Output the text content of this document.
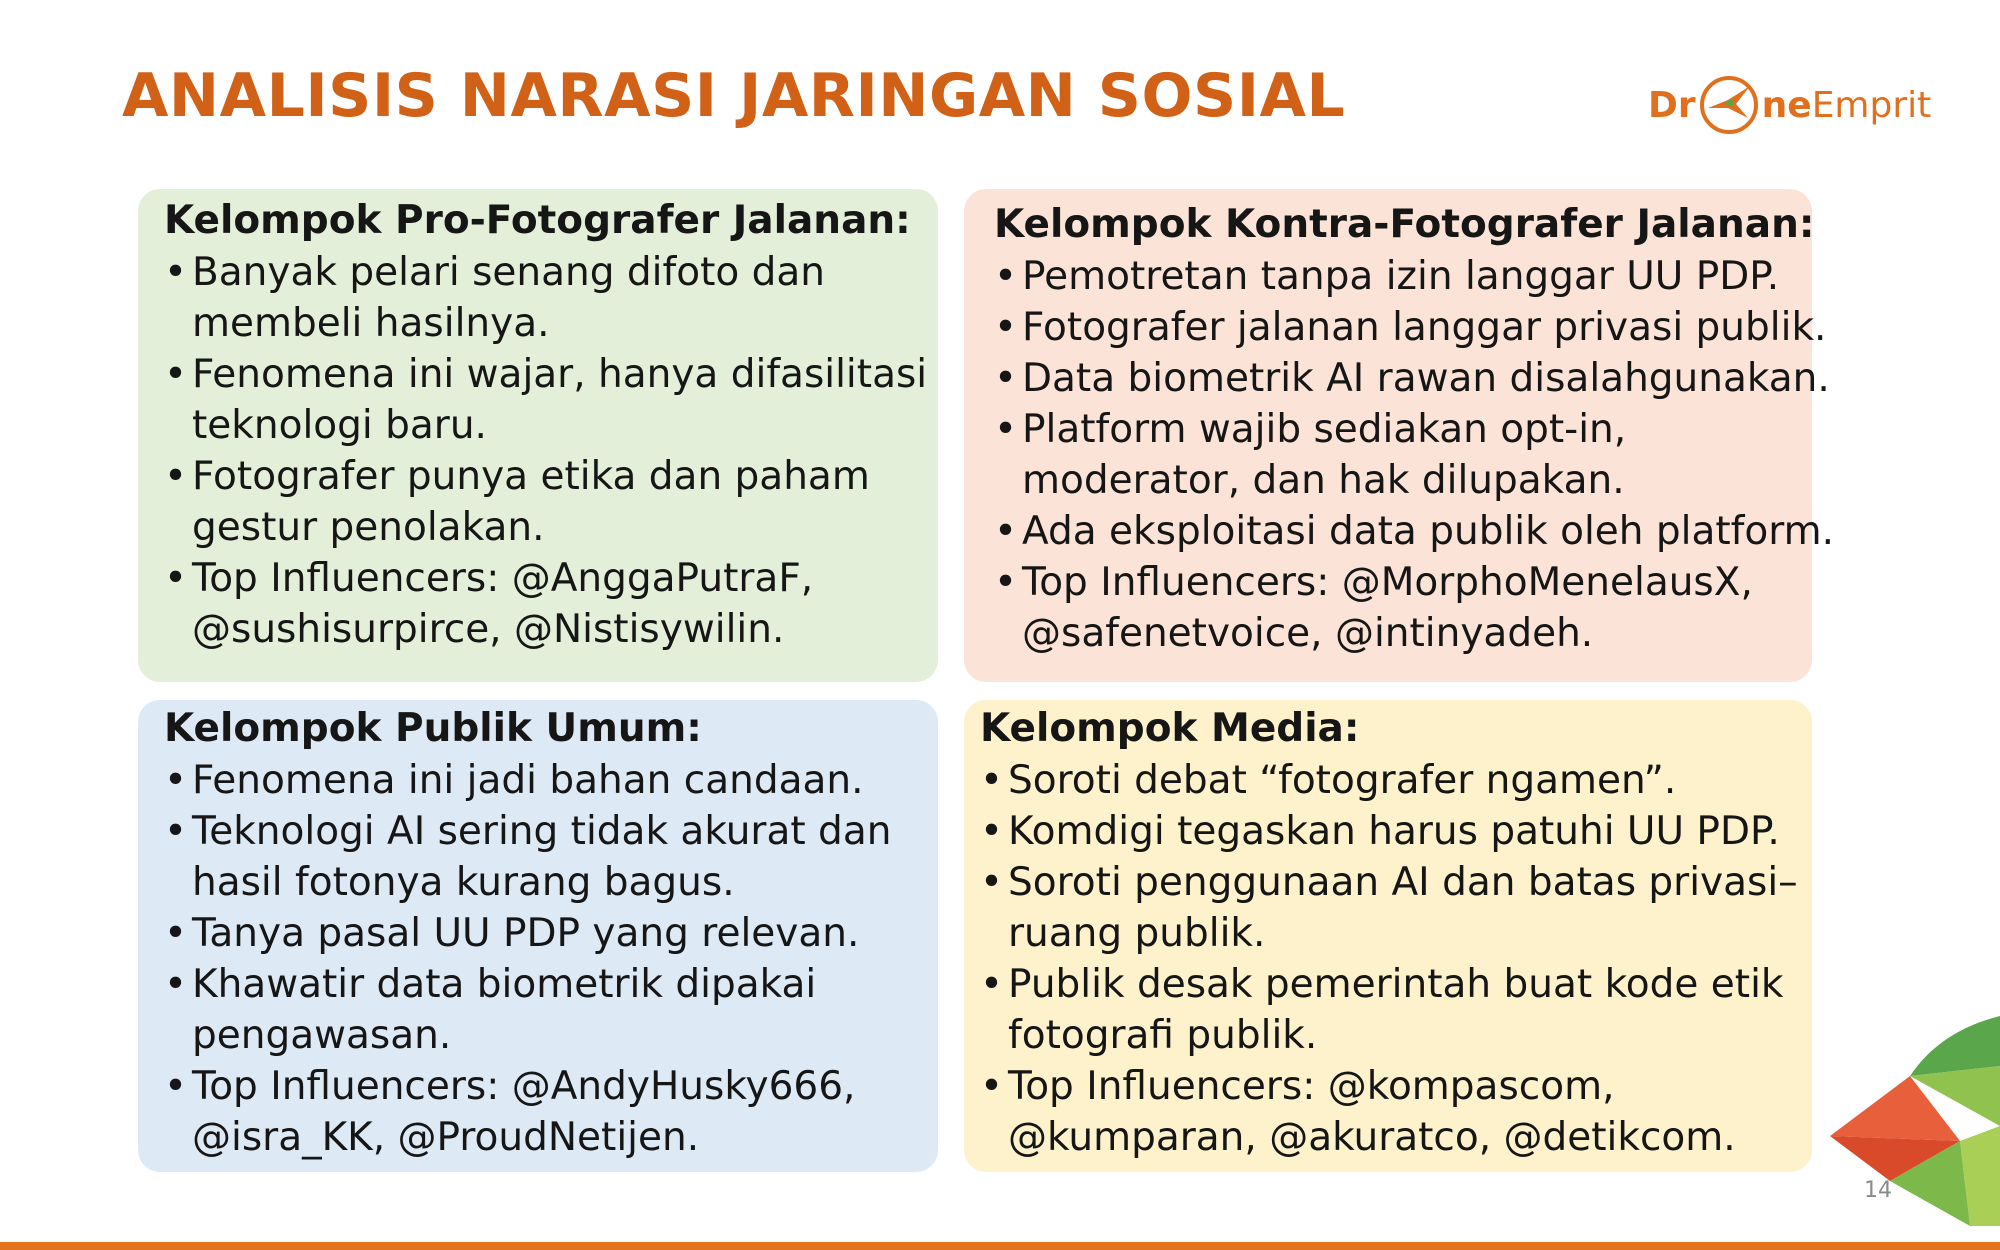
ANALISIS NARASI JARINGAN SOSIAL	Dr ne Emprit
Kelompok Pro-Fotografer Jalanan:
• Banyak pelari senang difoto dan
membeli hasilnya.
• Fenomena ini wajar, hanya difasilitasi
teknologi baru.
• Fotografer punya etika dan paham
gestur penolakan.
• Top Influencers: @AnggaPutraF,
@sushisurpirce, @Nistisywilin.
Kelompok Kontra-Fotografer Jalanan:
• Pemotretan tanpa izin langgar UU PDP.
• Fotografer jalanan langgar privasi publik.
• Data biometrik AI rawan disalahgunakan.
• Platform wajib sediakan opt-in,
moderator, dan hak dilupakan.
• Ada eksploitasi data publik oleh platform.
• Top Influencers: @MorphoMenelausX,
@safenetvoice, @intinyadeh.
Kelompok Publik Umum:
• Fenomena ini jadi bahan candaan.
• Teknologi AI sering tidak akurat dan
hasil fotonya kurang bagus.
• Tanya pasal UU PDP yang relevan.
• Khawatir data biometrik dipakai
pengawasan.
• Top Influencers: @AndyHusky666,
@isra_KK, @ProudNetijen.
Kelompok Media:
• Soroti debat “fotografer ngamen”.
• Komdigi tegaskan harus patuhi UU PDP.
• Soroti penggunaan AI dan batas privasi–
ruang publik.
• Publik desak pemerintah buat kode etik
fotografi publik.
• Top Influencers: @kompascom,
@kumparan, @akuratco, @detikcom.
14
